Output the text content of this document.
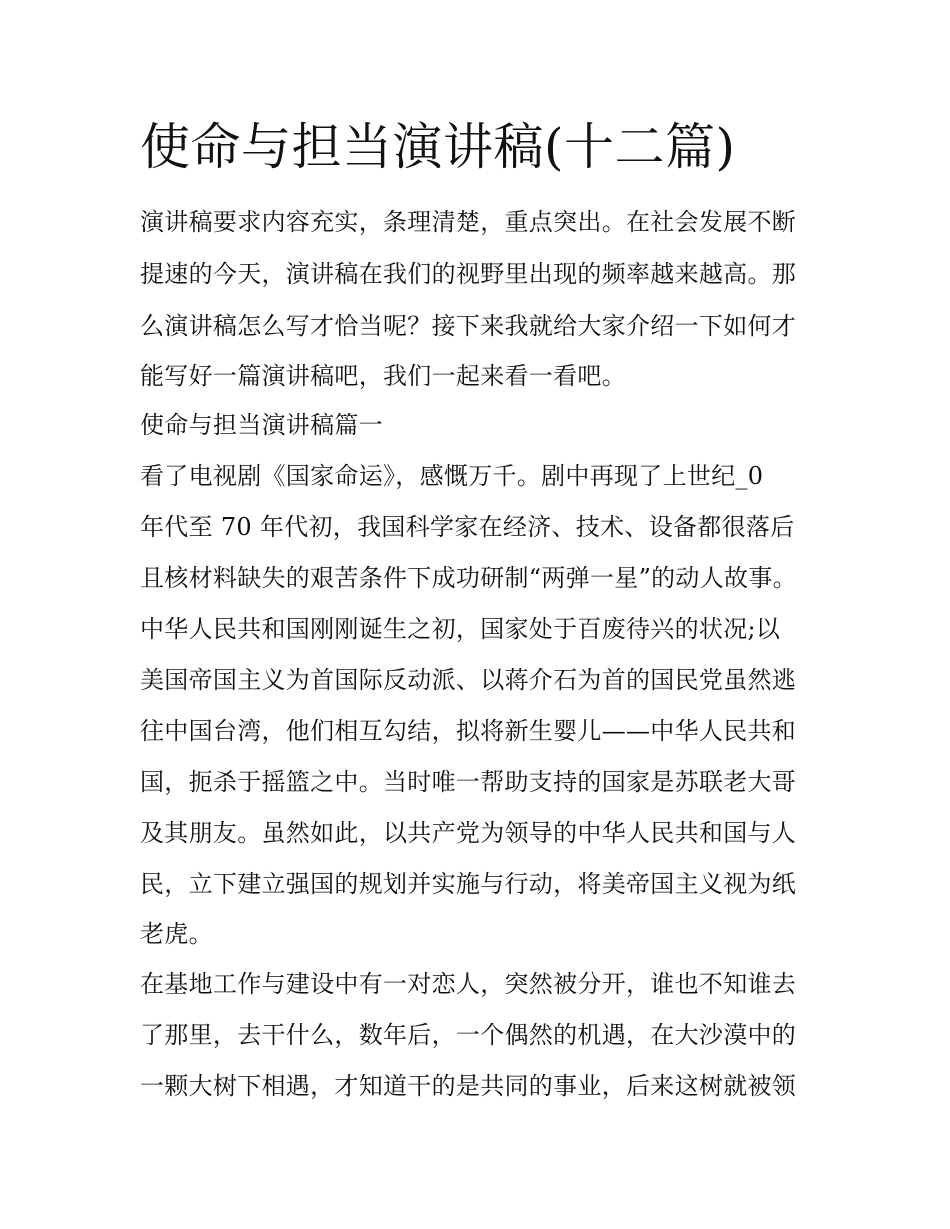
使命与担当演讲稿(十二篇)
演讲稿要求内容充实，条理清楚，重点突出。在社会发展不断
提速的今天，演讲稿在我们的视野里出现的频率越来越高。那
么演讲稿怎么写才恰当呢？接下来我就给大家介绍一下如何才
能写好一篇演讲稿吧，我们一起来看一看吧。
使命与担当演讲稿篇一
看了电视剧《国家命运》，感慨万千。剧中再现了上世纪_0
年代至 70 年代初，我国科学家在经济、技术、设备都很落后
且核材料缺失的艰苦条件下成功研制“两弹一星”的动人故事。
中华人民共和国刚刚诞生之初，国家处于百废待兴的状况;以
美国帝国主义为首国际反动派、以蒋介石为首的国民党虽然逃
往中国台湾，他们相互勾结，拟将新生婴儿——中华人民共和
国，扼杀于摇篮之中。当时唯一帮助支持的国家是苏联老大哥
及其朋友。虽然如此，以共产党为领导的中华人民共和国与人
民，立下建立强国的规划并实施与行动，将美帝国主义视为纸
老虎。
在基地工作与建设中有一对恋人，突然被分开，谁也不知谁去
了那里，去干什么，数年后，一个偶然的机遇，在大沙漠中的
一颗大树下相遇，才知道干的是共同的事业，后来这树就被领
